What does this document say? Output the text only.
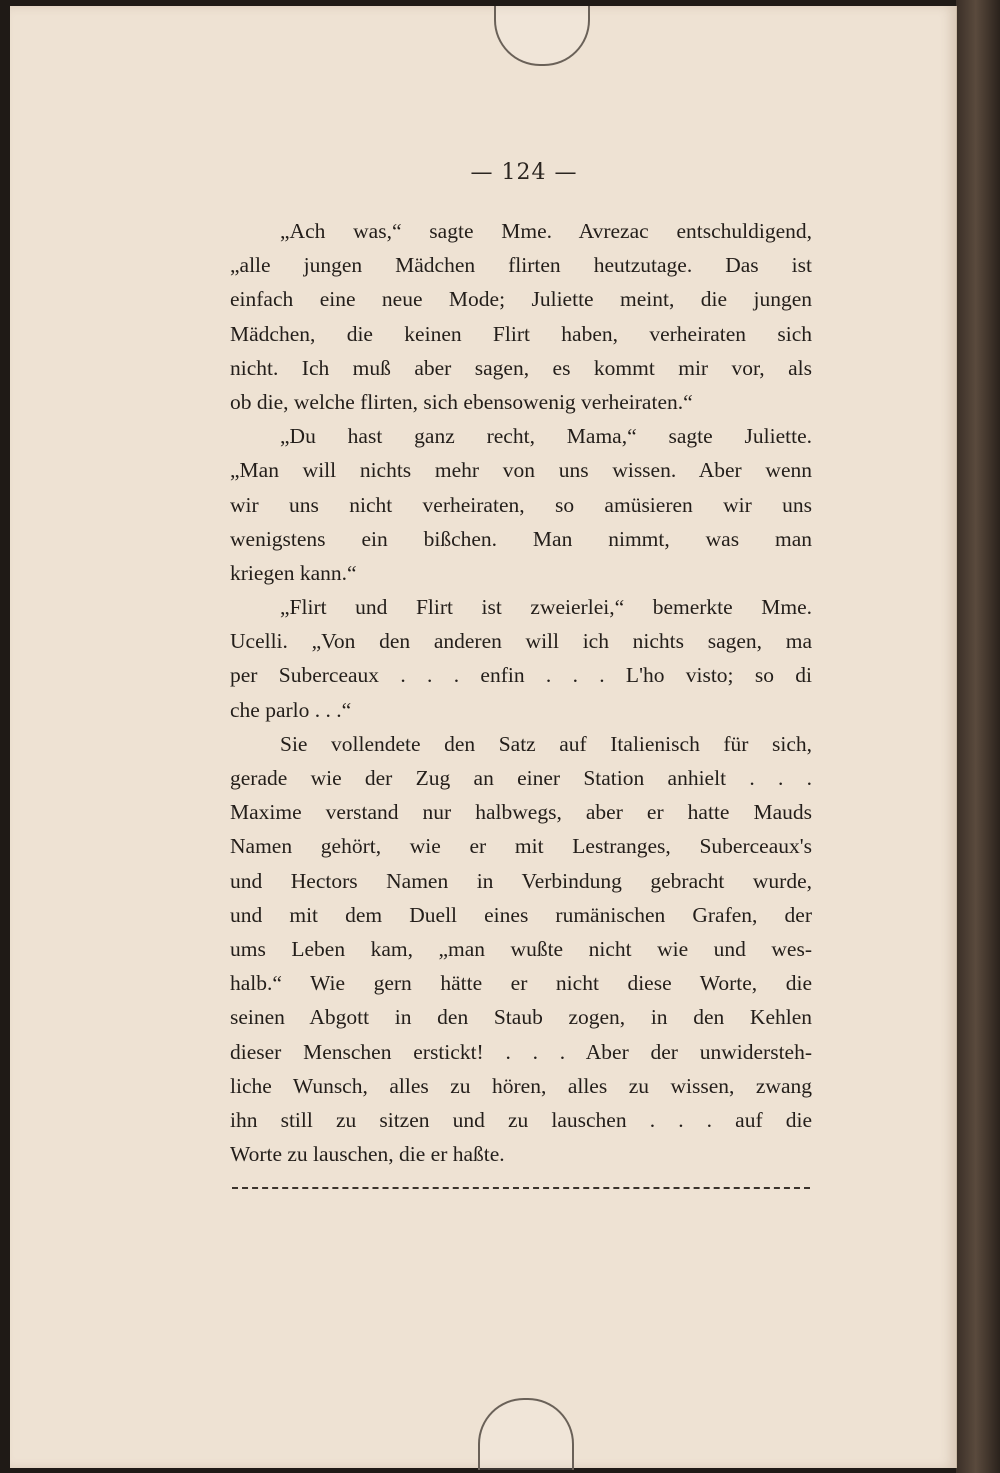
— 124 —
„Ach was,“ sagte Mme. Avrezac entschuldigend,
„alle jungen Mädchen flirten heutzutage. Das ist
einfach eine neue Mode; Juliette meint, die jungen
Mädchen, die keinen Flirt haben, verheiraten sich
nicht. Ich muß aber sagen, es kommt mir vor, als
ob die, welche flirten, sich ebensowenig verheiraten.“
„Du hast ganz recht, Mama,“ sagte Juliette.
„Man will nichts mehr von uns wissen. Aber wenn
wir uns nicht verheiraten, so amüsieren wir uns
wenigstens ein bißchen. Man nimmt, was man
kriegen kann.“
„Flirt und Flirt ist zweierlei,“ bemerkte Mme.
Ucelli. „Von den anderen will ich nichts sagen, ma
per Suberceaux . . . enfin . . . L'ho visto; so di
che parlo . . .“
Sie vollendete den Satz auf Italienisch für sich,
gerade wie der Zug an einer Station anhielt . . .
Maxime verstand nur halbwegs, aber er hatte Mauds
Namen gehört, wie er mit Lestranges, Suberceaux's
und Hectors Namen in Verbindung gebracht wurde,
und mit dem Duell eines rumänischen Grafen, der
ums Leben kam, „man wußte nicht wie und wes-
halb.“ Wie gern hätte er nicht diese Worte, die
seinen Abgott in den Staub zogen, in den Kehlen
dieser Menschen erstickt! . . . Aber der unwidersteh-
liche Wunsch, alles zu hören, alles zu wissen, zwang
ihn still zu sitzen und zu lauschen . . . auf die
Worte zu lauschen, die er haßte.
